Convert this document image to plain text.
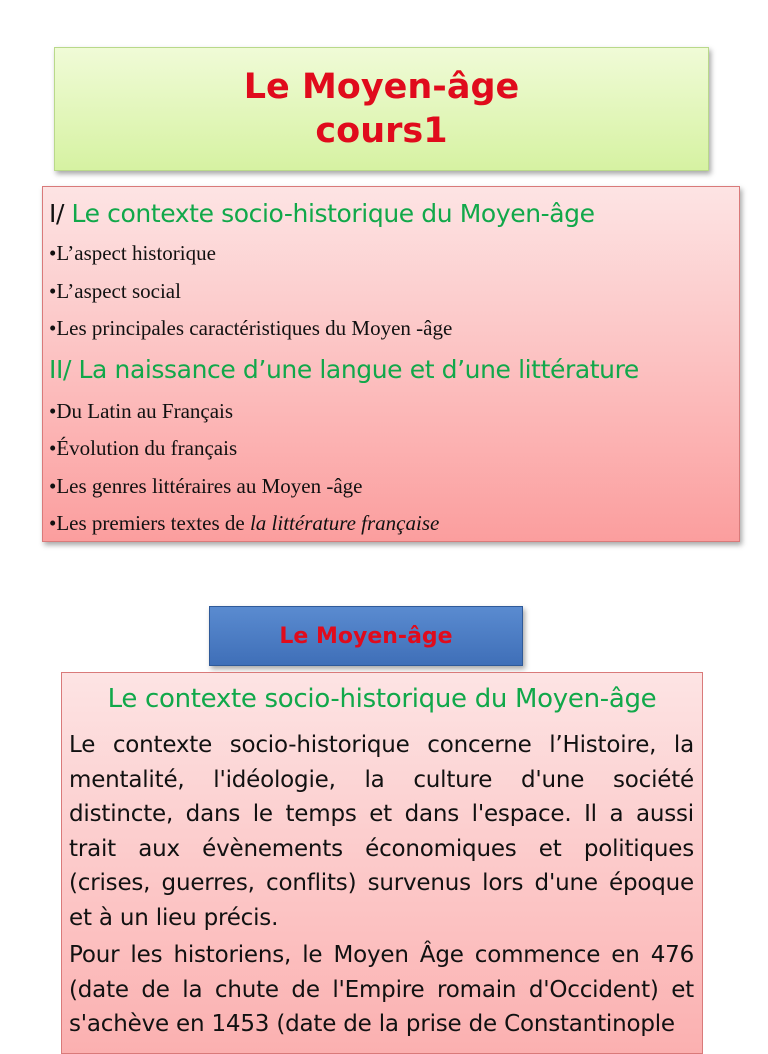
Le Moyen-âge
cours1
I/ Le contexte socio-historique du Moyen-âge
•L’aspect historique
•L’aspect social
•Les principales caractéristiques du Moyen -âge
II/ La naissance d’une langue et d’une littérature
•Du Latin au Français
•Évolution du français
•Les genres littéraires au Moyen -âge
•Les premiers textes de la littérature française
Le Moyen-âge
Le contexte socio-historique du Moyen-âge
Le contexte socio-historique concerne l’Histoire, la mentalité, l'idéologie, la culture d'une société distincte, dans le temps et dans l'espace. Il a aussi trait aux évènements économiques et politiques (crises, guerres, conflits) survenus lors d'une époque et à un lieu précis.
Pour les historiens, le Moyen Âge commence en 476 (date de la chute de l'Empire romain d'Occident) et s'achève en 1453 (date de la prise de Constantinople
